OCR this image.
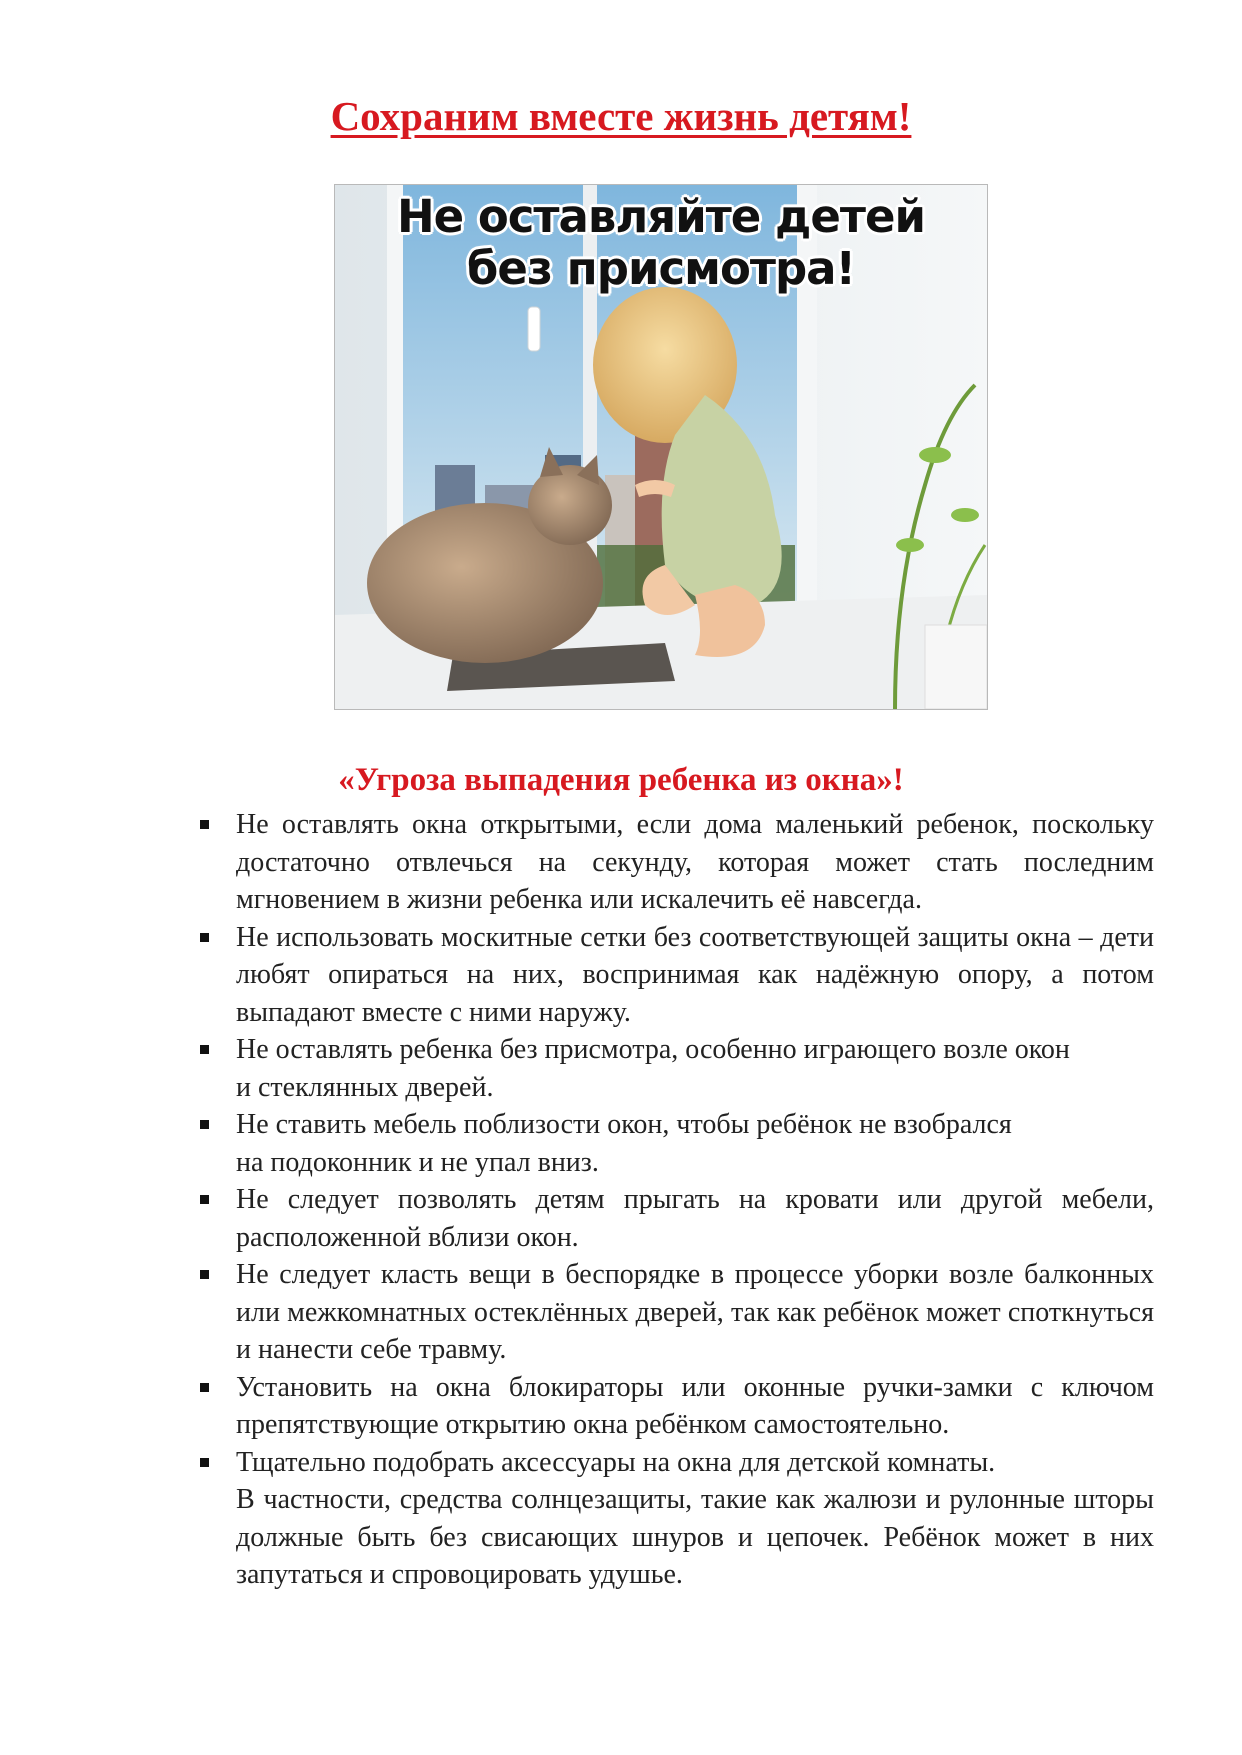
Сохраним вместе жизнь детям!
Не оставляйте детей
без присмотра!
«Угроза выпадения ребенка из окна»!
Не оставлять окна открытыми, если дома маленький ребенок, поскольку достаточно отвлечься на секунду, которая может стать последним мгновением в жизни ребенка или искалечить её навсегда.
Не использовать москитные сетки без соответствующей защиты окна – дети любят опираться на них, воспринимая как надёжную опору, а потом выпадают вместе с ними наружу.
Не оставлять ребенка без присмотра, особенно играющего возле окон
и стеклянных дверей.
Не ставить мебель поблизости окон, чтобы ребёнок не взобрался
на подоконник и не упал вниз.
Не следует позволять детям прыгать на кровати или другой мебели, расположенной вблизи окон.
Не следует класть вещи в беспорядке в процессе уборки возле балконных или межкомнатных остеклённых дверей, так как ребёнок может споткнуться и нанести себе травму.
Установить на окна блокираторы или оконные ручки-замки с ключом препятствующие открытию окна ребёнком самостоятельно.
Тщательно подобрать аксессуары на окна для детской комнаты.
В частности, средства солнцезащиты, такие как жалюзи и рулонные шторы должные быть без свисающих шнуров и цепочек. Ребёнок может в них запутаться и спровоцировать удушье.
